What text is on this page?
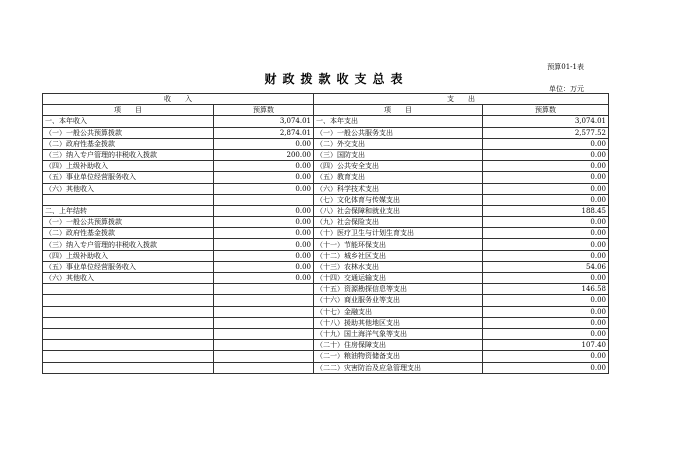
预算01-1表
财政拨款收支总表
单位：万元
收　　入		支　　出	
项　　目	预算数	项　　目	预算数
一、本年收入	3,074.01	一、本年支出	3,074.01
（一）一般公共预算拨款	2,874.01	（一）一般公共服务支出	2,577.52
（二）政府性基金拨款	0.00	（二）外交支出	0.00
（三）纳入专户管理的非税收入拨款	200.00	（三）国防支出	0.00
（四）上级补助收入	0.00	（四）公共安全支出	0.00
（五）事业单位经营服务收入	0.00	（五）教育支出	0.00
（六）其他收入	0.00	（六）科学技术支出	0.00
		（七）文化体育与传媒支出	0.00
二、上年结转	0.00	（八）社会保障和就业支出	188.45
（一）一般公共预算拨款	0.00	（九）社会保险支出	0.00
（二）政府性基金拨款	0.00	（十）医疗卫生与计划生育支出	0.00
（三）纳入专户管理的非税收入拨款	0.00	（十一）节能环保支出	0.00
（四）上级补助收入	0.00	（十二）城乡社区支出	0.00
（五）事业单位经营服务收入	0.00	（十三）农林水支出	54.06
（六）其他收入	0.00	（十四）交通运输支出	0.00
		（十五）资源勘探信息等支出	146.58
		（十六）商业服务业等支出	0.00
		（十七）金融支出	0.00
		（十八）援助其他地区支出	0.00
		（十九）国土海洋气象等支出	0.00
		（二十）住房保障支出	107.40
		（二一）粮油物资储备支出	0.00
		（二二）灾害防治及应急管理支出	0.00
